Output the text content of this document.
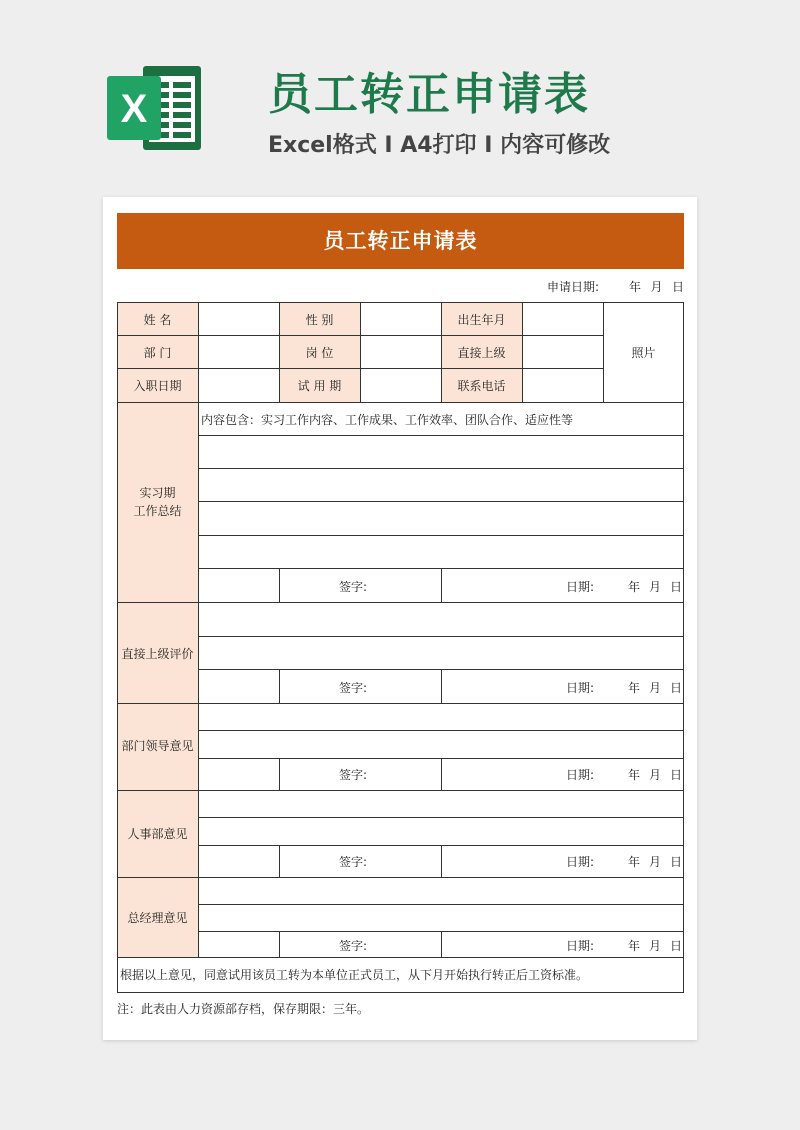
X	员工转正申请表

Excel格式 I A4打印 I 内容可修改

员工转正申请表
申请日期: 年 月 日
姓 名	性 别	出生年月
部 门	岗 位	直接上级
入职日期	试 用 期	联系电话
照片
实习期
工作总结
内容包含：实习工作内容、工作成果、工作效率、团队合作、适应性等
签字:	日期:	年 月 日
直接上级评价
签字:	日期:	年 月 日
部门领导意见
签字:	日期:	年 月 日
人事部意见
签字:	日期:	年 月 日
总经理意见
签字:	日期:	年 月 日
根据以上意见，同意试用该员工转为本单位正式员工，从下月开始执行转正后工资标准。
注：此表由人力资源部存档，保存期限：三年。
